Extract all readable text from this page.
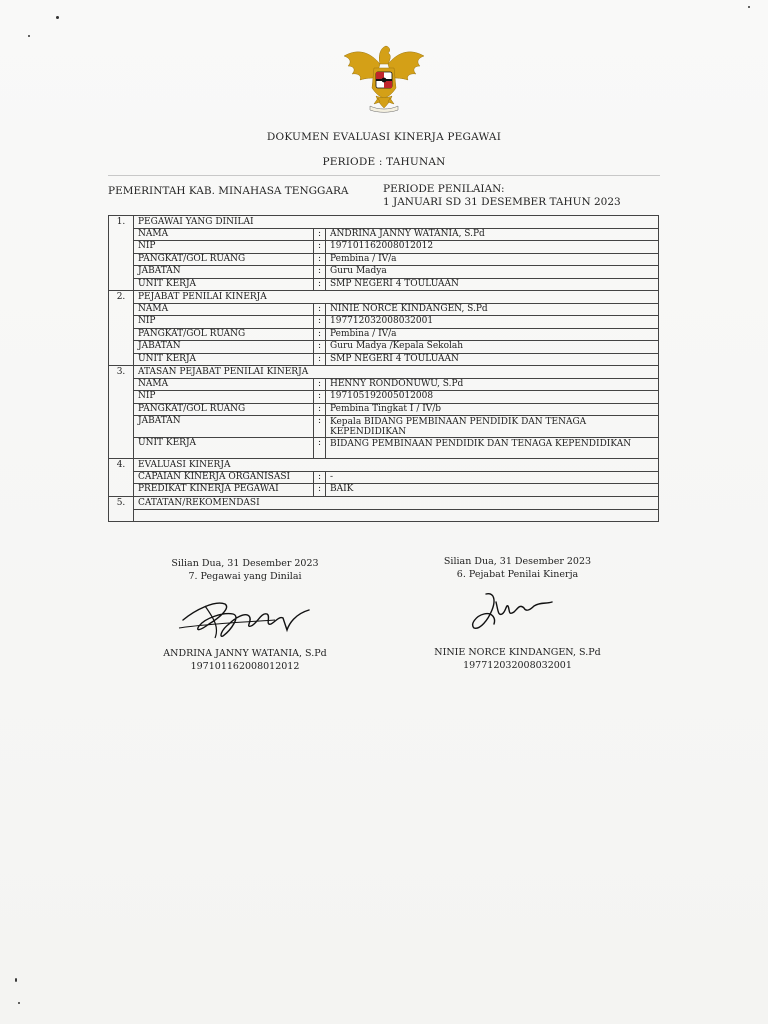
DOKUMEN EVALUASI KINERJA PEGAWAI
PERIODE : TAHUNAN
PEMERINTAH KAB. MINAHASA TENGGARA	PERIODE PENILAIAN:
1 JANUARI SD 31 DESEMBER TAHUN 2023
1.	PEGAWAI YANG DINILAI		
	NAMA	:	ANDRINA JANNY WATANIA, S.Pd
	NIP	:	197101162008012012
	PANGKAT/GOL RUANG	:	Pembina / IV/a
	JABATAN	:	Guru Madya
	UNIT KERJA	:	SMP NEGERI 4 TOULUAAN
2.	PEJABAT PENILAI KINERJA		
	NAMA	:	NINIE NORCE KINDANGEN, S.Pd
	NIP	:	197712032008032001
	PANGKAT/GOL RUANG	:	Pembina / IV/a
	JABATAN	:	Guru Madya /Kepala Sekolah
	UNIT KERJA	:	SMP NEGERI 4 TOULUAAN
3.	ATASAN PEJABAT PENILAI KINERJA		
	NAMA	:	HENNY RONDONUWU, S.Pd
	NIP	:	197105192005012008
	PANGKAT/GOL RUANG	:	Pembina Tingkat I / IV/b
	JABATAN	:	Kepala BIDANG PEMBINAAN PENDIDIK DAN TENAGA KEPENDIDIKAN
	UNIT KERJA	:	BIDANG PEMBINAAN PENDIDIK DAN TENAGA KEPENDIDIKAN
4.	EVALUASI KINERJA		
	CAPAIAN KINERJA ORGANISASI	:	-
	PREDIKAT KINERJA PEGAWAI	:	BAIK
5.	CATATAN/REKOMENDASI		

Silian Dua, 31 Desember 2023
7. Pegawai yang Dinilai
ANDRINA JANNY WATANIA, S.Pd
197101162008012012
Silian Dua, 31 Desember 2023
6. Pejabat Penilai Kinerja
NINIE NORCE KINDANGEN, S.Pd
197712032008032001
